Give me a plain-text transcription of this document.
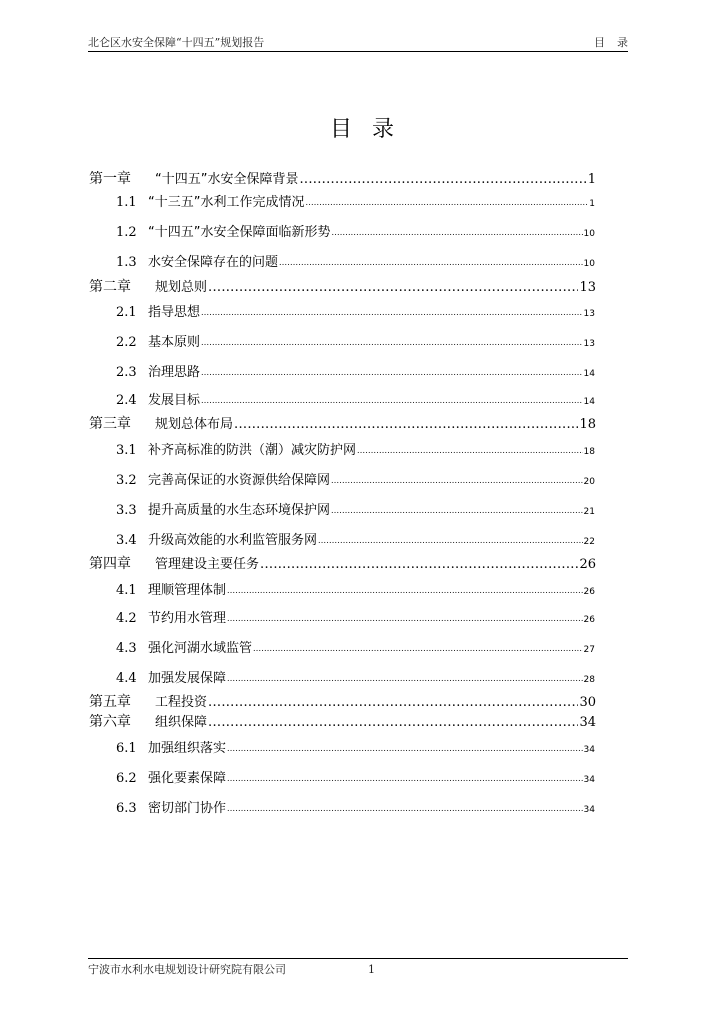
北仑区水安全保障“十四五”规划报告	目录
目录
第一章	“十四五”水安全保障背景 .....	1
1.1 “十三五”水利工作完成情况 .....	1
1.2 “十四五”水安全保障面临新形势 .....	10
1.3 水安全保障存在的问题 .....	10
第二章	规划总则 .....	13
2.1 指导思想 .....	13
2.2 基本原则 .....	13
2.3 治理思路 .....	14
2.4 发展目标 .....	14
第三章	规划总体布局 .....	18
3.1 补齐高标准的防洪（潮）减灾防护网 .....	18
3.2 完善高保证的水资源供给保障网 .....	20
3.3 提升高质量的水生态环境保护网 .....	21
3.4 升级高效能的水利监管服务网 .....	22
第四章	管理建设主要任务 .....	26
4.1 理顺管理体制 .....	26
4.2 节约用水管理 .....	26
4.3 强化河湖水域监管 .....	27
4.4 加强发展保障 .....	28
第五章	工程投资 .....	30
第六章	组织保障 .....	34
6.1 加强组织落实 .....	34
6.2 强化要素保障 .....	34
6.3 密切部门协作 .....	34
宁波市水利水电规划设计研究院有限公司	1
